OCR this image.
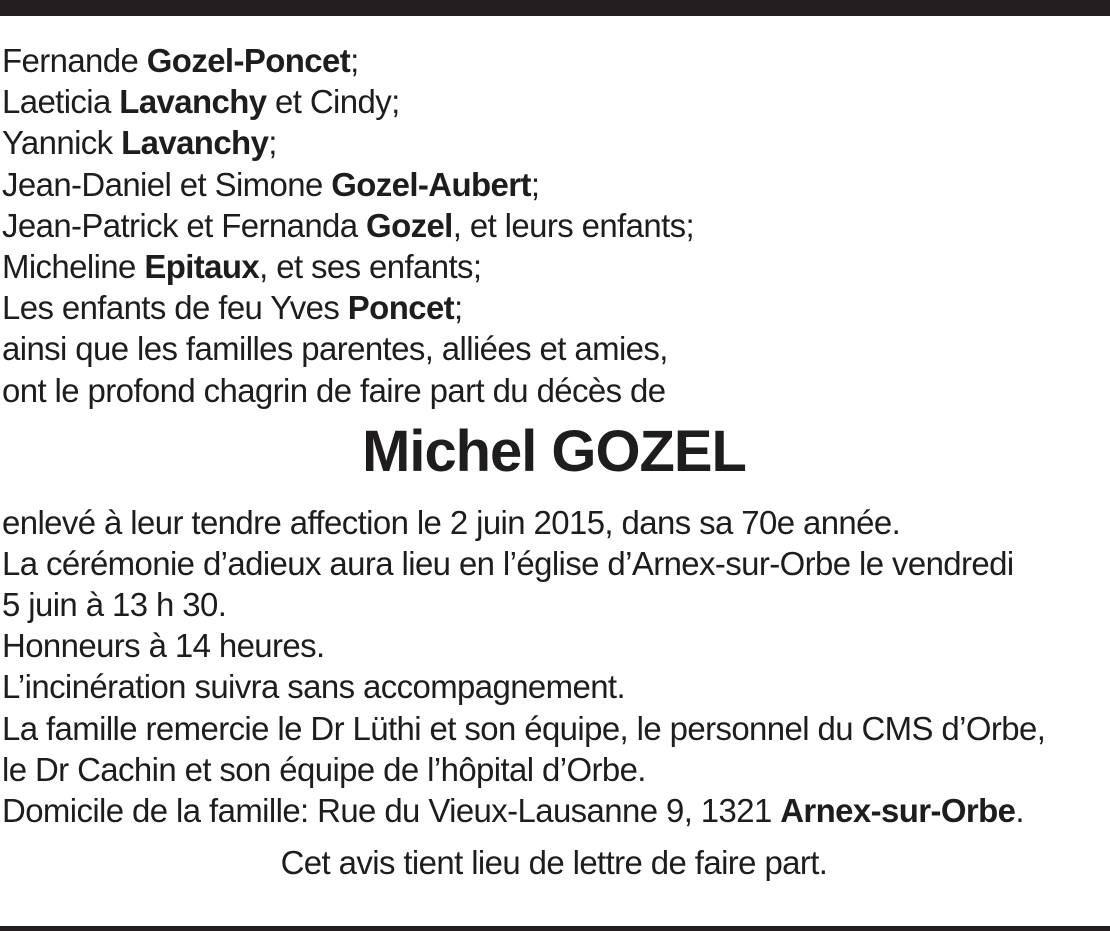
Fernande Gozel-Poncet;
Laeticia Lavanchy et Cindy;
Yannick Lavanchy;
Jean-Daniel et Simone Gozel-Aubert;
Jean-Patrick et Fernanda Gozel, et leurs enfants;
Micheline Epitaux, et ses enfants;
Les enfants de feu Yves Poncet;
ainsi que les familles parentes, alliées et amies,
ont le profond chagrin de faire part du décès de
Michel GOZEL
enlevé à leur tendre affection le 2 juin 2015, dans sa 70e année.
La cérémonie d’adieux aura lieu en l’église d’Arnex-sur-Orbe le vendredi
5 juin à 13 h 30.
Honneurs à 14 heures.
L’incinération suivra sans accompagnement.
La famille remercie le Dr Lüthi et son équipe, le personnel du CMS d’Orbe,
le Dr Cachin et son équipe de l’hôpital d’Orbe.
Domicile de la famille: Rue du Vieux-Lausanne 9, 1321 Arnex-sur-Orbe.
Cet avis tient lieu de lettre de faire part.
